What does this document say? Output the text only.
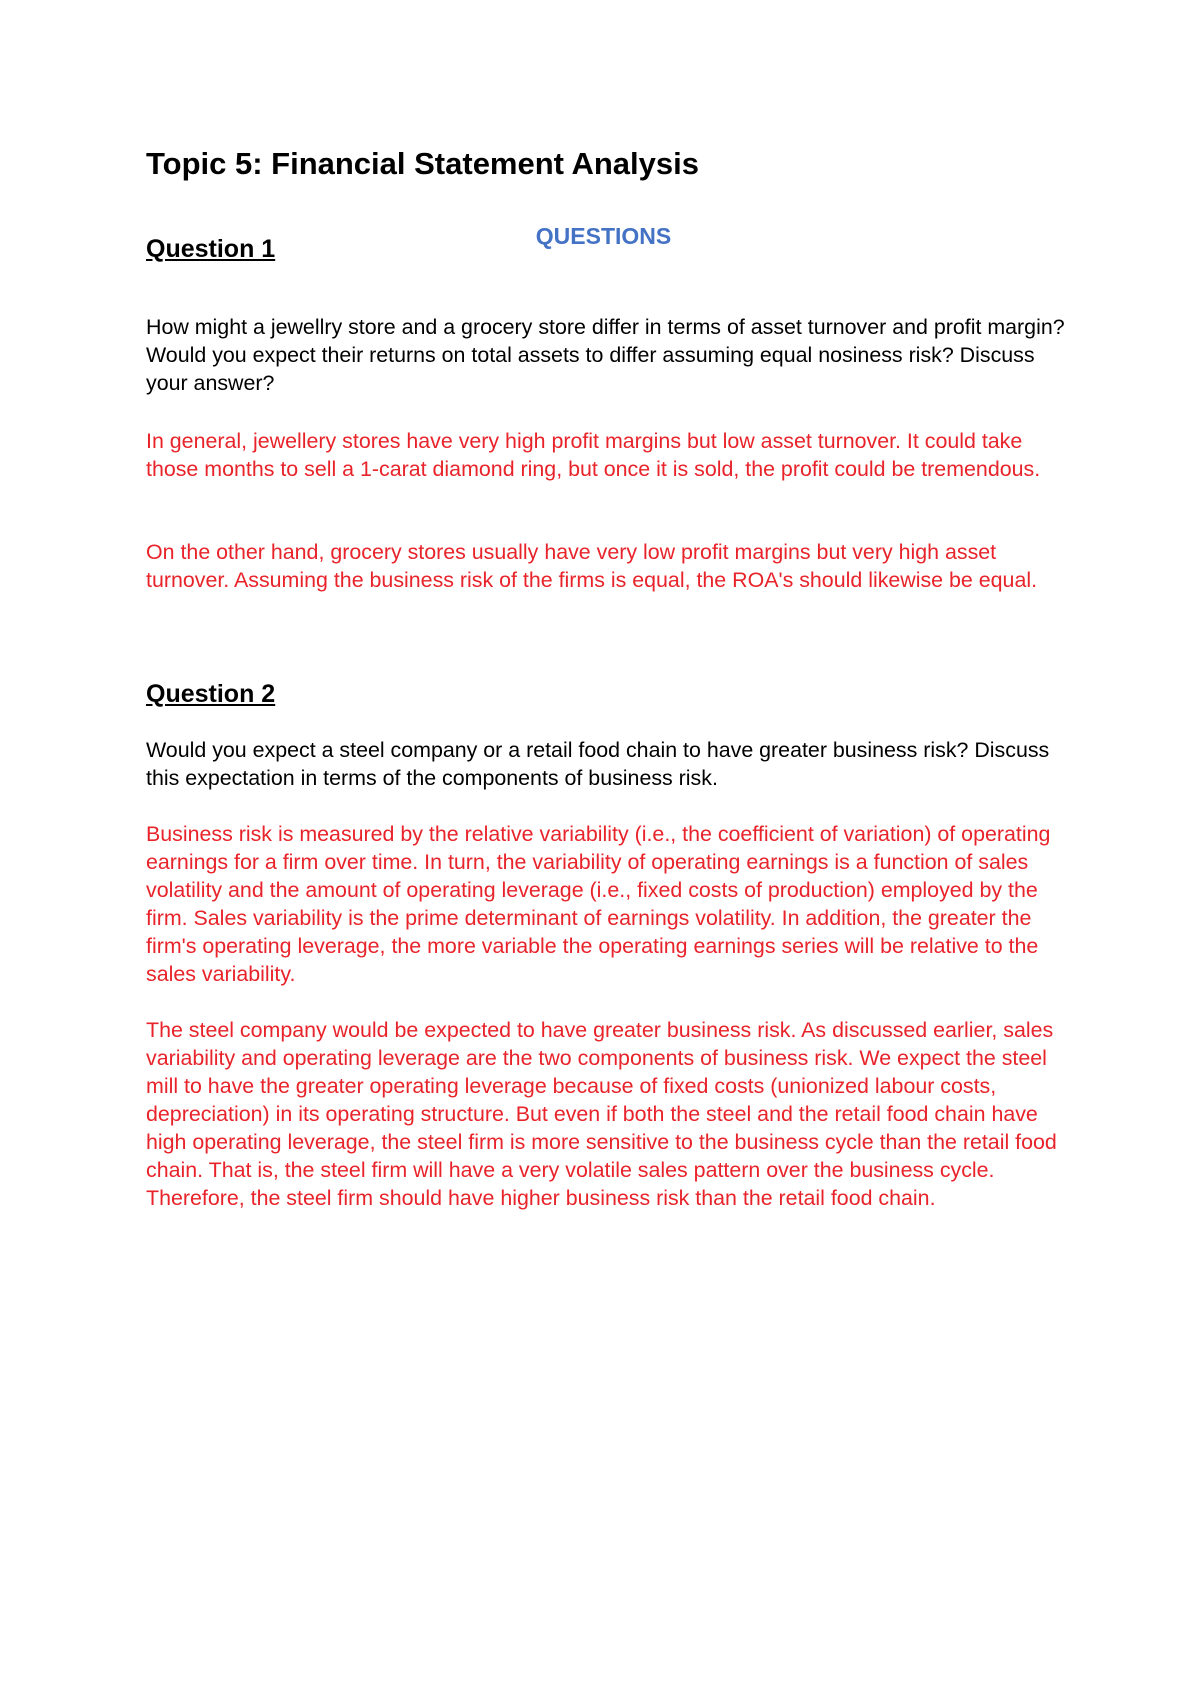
Topic 5: Financial Statement Analysis
QUESTIONS
Question 1

How might a jewellry store and a grocery store differ in terms of asset turnover and profit margin? Would you expect their returns on total assets to differ assuming equal nosiness risk? Discuss your answer?

In general, jewellery stores have very high profit margins but low asset turnover. It could take those months to sell a 1-carat diamond ring, but once it is sold, the profit could be tremendous.

On the other hand, grocery stores usually have very low profit margins but very high asset turnover. Assuming the business risk of the firms is equal, the ROA's should likewise be equal.

Question 2

Would you expect a steel company or a retail food chain to have greater business risk? Discuss this expectation in terms of the components of business risk.

Business risk is measured by the relative variability (i.e., the coefficient of variation) of operating earnings for a firm over time. In turn, the variability of operating earnings is a function of sales volatility and the amount of operating leverage (i.e., fixed costs of production) employed by the firm. Sales variability is the prime determinant of earnings volatility. In addition, the greater the firm's operating leverage, the more variable the operating earnings series will be relative to the sales variability.

The steel company would be expected to have greater business risk. As discussed earlier, sales variability and operating leverage are the two components of business risk. We expect the steel mill to have the greater operating leverage because of fixed costs (unionized labour costs, depreciation) in its operating structure. But even if both the steel and the retail food chain have high operating leverage, the steel firm is more sensitive to the business cycle than the retail food chain. That is, the steel firm will have a very volatile sales pattern over the business cycle. Therefore, the steel firm should have higher business risk than the retail food chain.
